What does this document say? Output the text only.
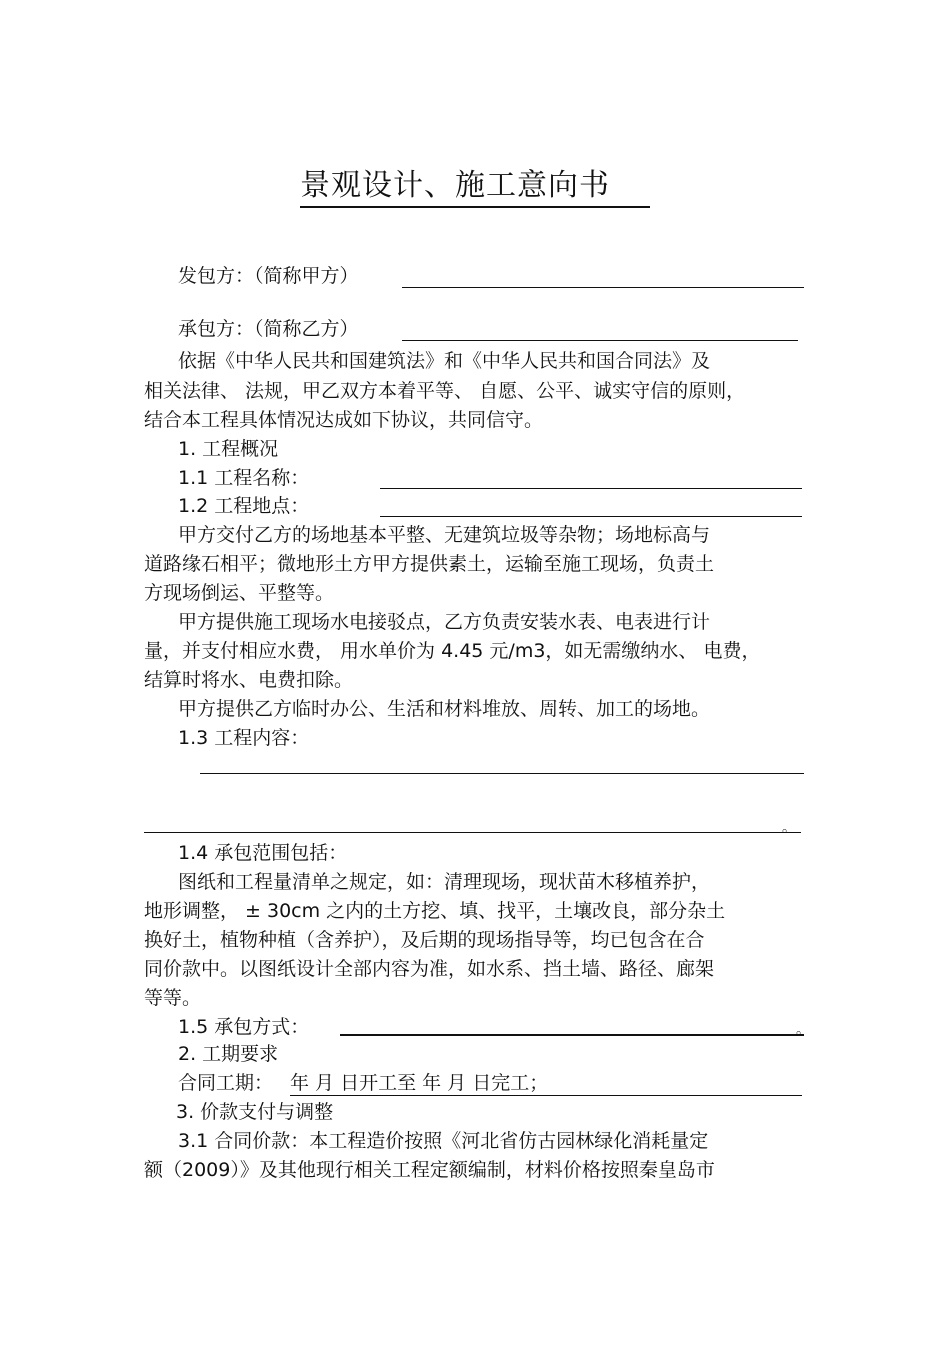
景观设计、施工意向书
发包方：（简称甲方）
承包方：（简称乙方）
依据《中华人民共和国建筑法》和《中华人民共和国合同法》及
相关法律、 法规，甲乙双方本着平等、 自愿、公平、诚实守信的原则，
结合本工程具体情况达成如下协议，共同信守。
1. 工程概况
1.1 工程名称：
1.2 工程地点：
甲方交付乙方的场地基本平整、无建筑垃圾等杂物；场地标高与
道路缘石相平；微地形土方甲方提供素土，运输至施工现场，负责土
方现场倒运、平整等。
甲方提供施工现场水电接驳点，乙方负责安装水表、电表进行计
量，并支付相应水费， 用水单价为 4.45 元/m3，如无需缴纳水、 电费，
结算时将水、电费扣除。
甲方提供乙方临时办公、生活和材料堆放、周转、加工的场地。
1.3 工程内容：
。
1.4 承包范围包括：
图纸和工程量清单之规定，如：清理现场，现状苗木移植养护，
地形调整， ± 30cm 之内的土方挖、填、找平，土壤改良，部分杂土
换好土，植物种植（含养护），及后期的现场指导等，均已包含在合
同价款中。以图纸设计全部内容为准，如水系、挡土墙、路径、廊架
等等。
1.5 承包方式：	。
2. 工期要求
合同工期： 年 月 日开工至 年 月 日完工；
3. 价款支付与调整
3.1 合同价款：本工程造价按照《河北省仿古园林绿化消耗量定
额（2009）》及其他现行相关工程定额编制，材料价格按照秦皇岛市
